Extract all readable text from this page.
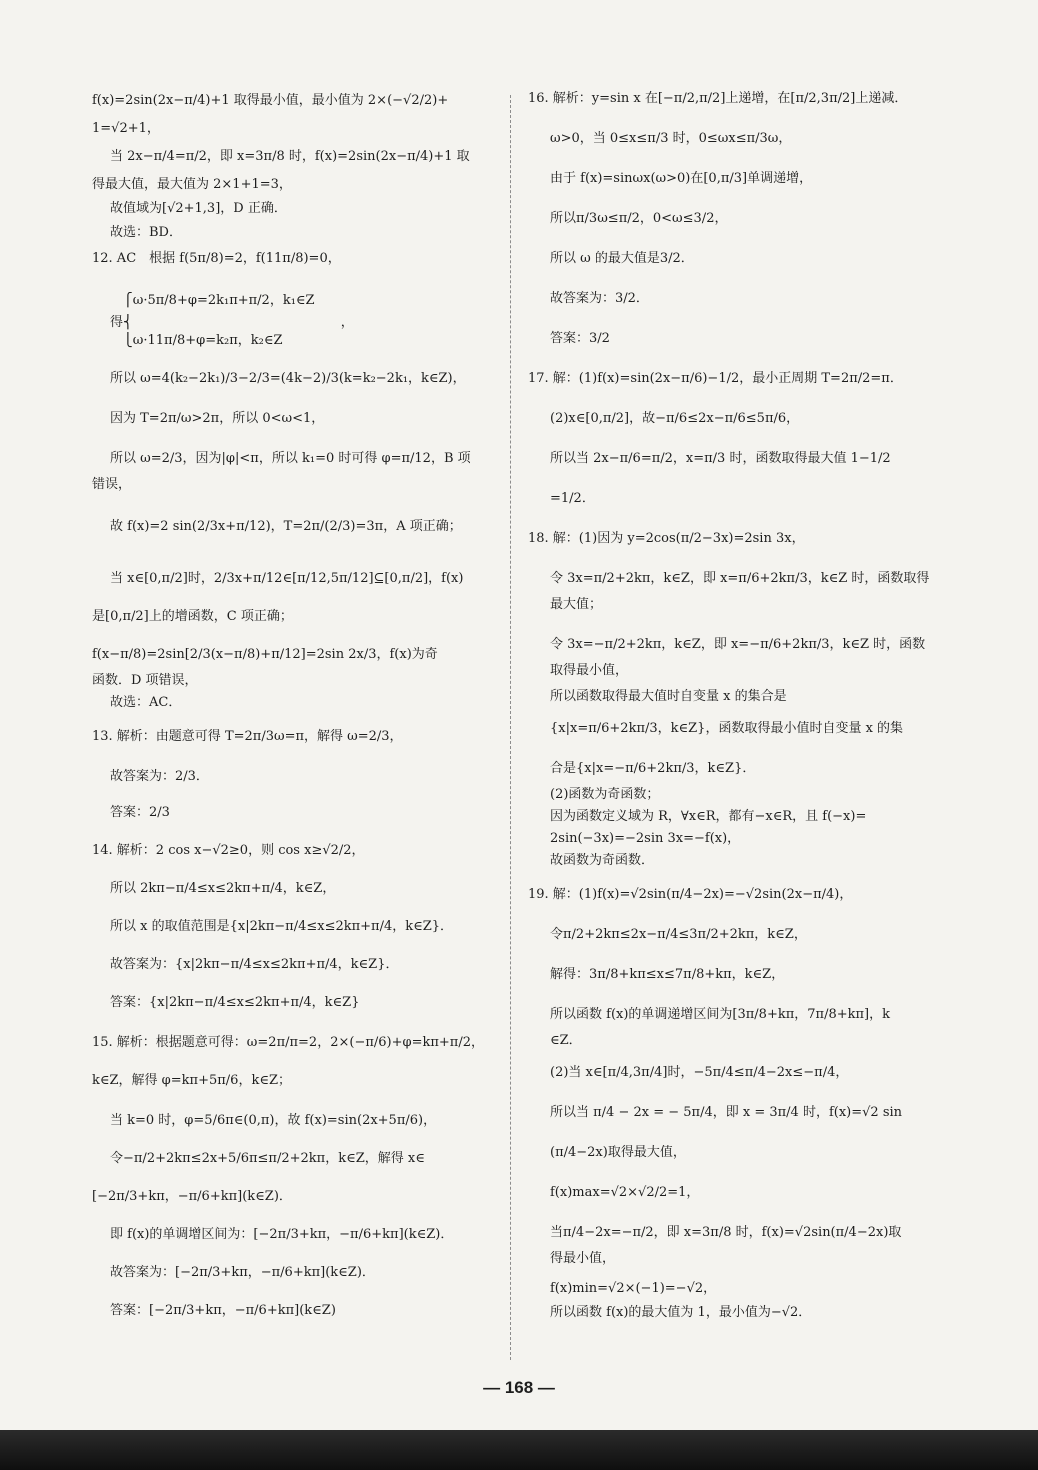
f(x)=2sin(2x−π/4)+1 取得最小值，最小值为 2×(−√2/2)+

1=√2+1，

当 2x−π/4=π/2，即 x=3π/8 时，f(x)=2sin(2x−π/4)+1 取

得最大值，最大值为 2×1+1=3，

故值域为[√2+1,3]，D 正确．

故选：BD．

12. AC　根据 f(5π/8)=2，f(11π/8)=0，

　⎧ω·5π/8+φ=2k₁π+π/2，k₁∈Z

得⎨　　　　　　　　　　　　　　　　，

　⎩ω·11π/8+φ=k₂π，k₂∈Z

所以 ω=4(k₂−2k₁)/3−2/3=(4k−2)/3(k=k₂−2k₁，k∈Z)，

因为 T=2π/ω>2π，所以 0<ω<1，

所以 ω=2/3，因为|φ|<π，所以 k₁=0 时可得 φ=π/12，B 项

错误，

故 f(x)=2 sin(2/3x+π/12)，T=2π/(2/3)=3π，A 项正确；

当 x∈[0,π/2]时，2/3x+π/12∈[π/12,5π/12]⊆[0,π/2]，f(x)

是[0,π/2]上的增函数，C 项正确；

f(x−π/8)=2sin[2/3(x−π/8)+π/12]=2sin 2x/3，f(x)为奇

函数．D 项错误，

故选：AC．

13. 解析：由题意可得 T=2π/3ω=π，解得 ω=2/3，

故答案为：2/3．

答案：2/3

14. 解析：2 cos x−√2≥0，则 cos x≥√2/2，

所以 2kπ−π/4≤x≤2kπ+π/4，k∈Z，

所以 x 的取值范围是{x|2kπ−π/4≤x≤2kπ+π/4，k∈Z}．

故答案为：{x|2kπ−π/4≤x≤2kπ+π/4，k∈Z}．

答案：{x|2kπ−π/4≤x≤2kπ+π/4，k∈Z}

15. 解析：根据题意可得：ω=2π/π=2，2×(−π/6)+φ=kπ+π/2，

k∈Z，解得 φ=kπ+5π/6，k∈Z；

当 k=0 时，φ=5/6π∈(0,π)，故 f(x)=sin(2x+5π/6)，

令−π/2+2kπ≤2x+5/6π≤π/2+2kπ，k∈Z，解得 x∈

[−2π/3+kπ，−π/6+kπ](k∈Z)．

即 f(x)的单调增区间为：[−2π/3+kπ，−π/6+kπ](k∈Z)．

故答案为：[−2π/3+kπ，−π/6+kπ](k∈Z)．

答案：[−2π/3+kπ，−π/6+kπ](k∈Z)

16. 解析：y=sin x 在[−π/2,π/2]上递增，在[π/2,3π/2]上递减．

ω>0，当 0≤x≤π/3 时，0≤ωx≤π/3ω，

由于 f(x)=sinωx(ω>0)在[0,π/3]单调递增，

所以π/3ω≤π/2，0<ω≤3/2，

所以 ω 的最大值是3/2．

故答案为：3/2．

答案：3/2

17. 解：(1)f(x)=sin(2x−π/6)−1/2，最小正周期 T=2π/2=π．

(2)x∈[0,π/2]，故−π/6≤2x−π/6≤5π/6，

所以当 2x−π/6=π/2，x=π/3 时，函数取得最大值 1−1/2

=1/2．

18. 解：(1)因为 y=2cos(π/2−3x)=2sin 3x，

令 3x=π/2+2kπ，k∈Z，即 x=π/6+2kπ/3，k∈Z 时，函数取得

最大值；

令 3x=−π/2+2kπ，k∈Z，即 x=−π/6+2kπ/3，k∈Z 时，函数

取得最小值，

所以函数取得最大值时自变量 x 的集合是

{x|x=π/6+2kπ/3，k∈Z}，函数取得最小值时自变量 x 的集

合是{x|x=−π/6+2kπ/3，k∈Z}．

(2)函数为奇函数；

因为函数定义域为 R，∀x∈R，都有−x∈R，且 f(−x)=

2sin(−3x)=−2sin 3x=−f(x)，

故函数为奇函数．

19. 解：(1)f(x)=√2sin(π/4−2x)=−√2sin(2x−π/4)，

令π/2+2kπ≤2x−π/4≤3π/2+2kπ，k∈Z，

解得：3π/8+kπ≤x≤7π/8+kπ，k∈Z，

所以函数 f(x)的单调递增区间为[3π/8+kπ，7π/8+kπ]，k

∈Z．

(2)当 x∈[π/4,3π/4]时，−5π/4≤π/4−2x≤−π/4，

所以当 π/4 − 2x = − 5π/4，即 x = 3π/4 时，f(x)=√2 sin

(π/4−2x)取得最大值，

f(x)max=√2×√2/2=1，

当π/4−2x=−π/2，即 x=3π/8 时，f(x)=√2sin(π/4−2x)取

得最小值，

f(x)min=√2×(−1)=−√2，

所以函数 f(x)的最大值为 1，最小值为−√2．

— 168 —
